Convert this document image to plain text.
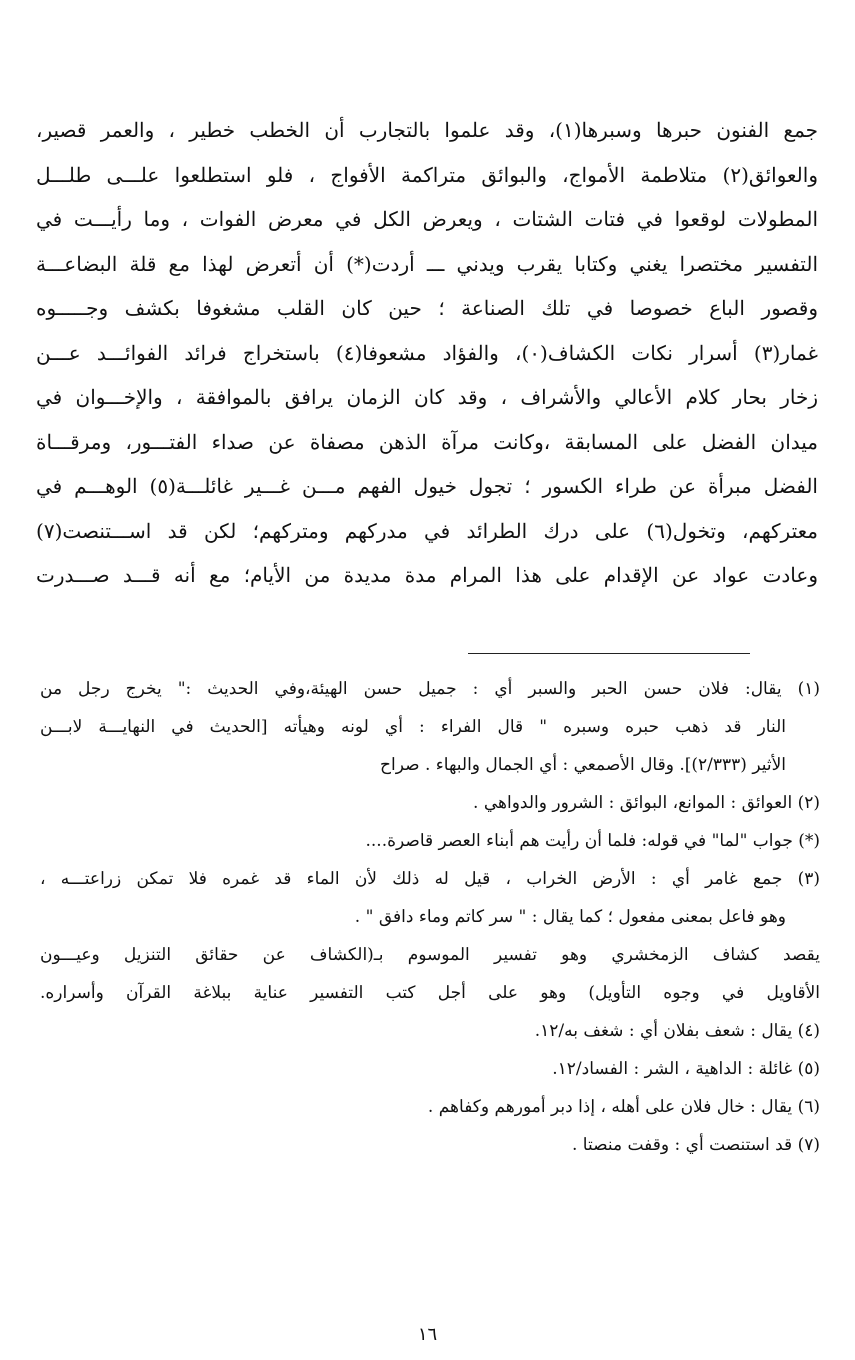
جمع الفنون حبرها وسبرها(١)، وقد علموا بالتجارب أن الخطب خطير ، والعمر قصير،
والعوائق(٢) متلاطمة الأمواج، والبوائق متراكمة الأفواج ، فلو استطلعوا علـــى طلـــل
المطولات لوقعوا في فتات الشتات ، ويعرض الكل في معرض الفوات ، وما رأيـــت في
التفسير مختصرا يغني وكتابا يقرب ويدني ـــ أردت(*) أن أتعرض لهذا مع قلة البضاعـــة
وقصور الباع خصوصا في تلك الصناعة ؛ حين كان القلب مشغوفا بكشف وجـــــوه
غمار(٣) أسرار نكات الكشاف(٠)، والفؤاد مشعوفا(٤) باستخراج فرائد الفوائـــد عـــن
زخار بحار كلام الأعالي والأشراف ، وقد كان الزمان يرافق بالموافقة ، والإخـــوان في
ميدان الفضل على المسابقة ،وكانت مرآة الذهن مصفاة عن صداء الفتـــور، ومرقـــاة
الفضل مبرأة عن طراء الكسور ؛ تجول خيول الفهم مـــن غـــير غائلـــة(٥) الوهـــم في
معتركهم، وتخول(٦) على درك الطرائد في مدركهم ومتركهم؛ لكن قد اســـتنصت(٧)
وعادت عواد عن الإقدام على هذا المرام مدة مديدة من الأيام؛ مع أنه قـــد صـــدرت
(١) يقال: فلان حسن الحبر والسبر أي : جميل حسن الهيئة،وفي الحديث :" يخرج رجل من
النار قد ذهب حبره وسبره " قال الفراء : أي لونه وهيأته [الحديث في النهايـــة لابـــن
الأثير (٢/٣٣٣)]. وقال الأصمعي : أي الجمال والبهاء . صراح
(٢) العوائق : الموانع، البوائق : الشرور والدواهي .
(*) جواب "لما" في قوله: فلما أن رأيت هم أبناء العصر قاصرة....
(٣) جمع غامر أي : الأرض الخراب ، قيل له ذلك لأن الماء قد غمره فلا تمكن زراعتـــه ،
وهو فاعل بمعنى مفعول ؛ كما يقال : " سر كاتم وماء دافق " .
يقصد كشاف الزمخشري وهو تفسير الموسوم بـ(الكشاف عن حقائق التنزيل وعيـــون
الأقاويل في وجوه التأويل) وهو على أجل كتب التفسير عناية ببلاغة القرآن وأسراره.
(٤) يقال : شعف بفلان أي : شغف به/١٢.
(٥) غائلة : الداهية ، الشر : الفساد/١٢.
(٦) يقال : خال فلان على أهله ، إذا دبر أمورهم وكفاهم .
(٧) قد استنصت أي : وقفت منصتا .
١٦
